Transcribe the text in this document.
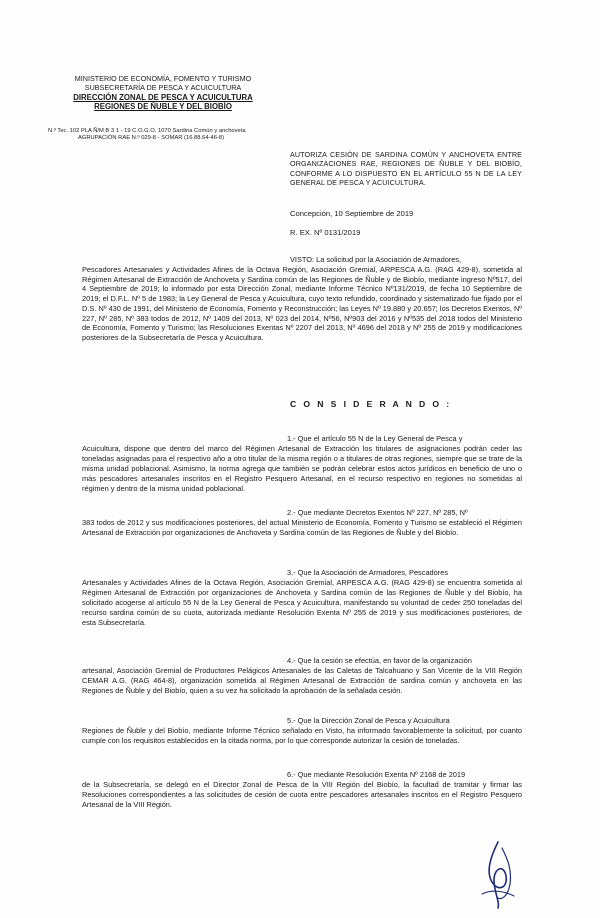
MINISTERIO DE ECONOMÍA, FOMENTO Y TURISMO
SUBSECRETARÍA DE PESCA Y ACUICULTURA
DIRECCIÓN ZONAL DE PESCA Y ACUICULTURA
REGIONES DE ÑUBLE Y DEL BIOBÍO
N.º Tec. 102 PLA Ñ/M B 3 1 - 19 C.O.G.O. 1070 Sardina Común y anchoveta
AGRUPACIÓN RAE N.º 029-8 - SOMAR (16.88.64-46-8)
AUTORIZA CESIÓN DE SARDINA COMÚN Y ANCHOVETA ENTRE ORGANIZACIONES RAE, REGIONES DE ÑUBLE Y DEL BIOBÍO, CONFORME A LO DISPUESTO EN EL ARTÍCULO 55 N DE LA LEY GENERAL DE PESCA Y ACUICULTURA.
Concepción, 10 Septiembre de 2019
R. EX. Nº 0131/2019
VISTO: La solicitud por la Asociación de Armadores,
Pescadores Artesanales y Actividades Afines de la Octava Región, Asociación Gremial, ARPESCA A.G. (RAG 429-8), sometida al Régimen Artesanal de Extracción de Anchoveta y Sardina común de las Regiones de Ñuble y de Biobío, mediante ingreso Nº517, del 4 Septiembre de 2019; lo informado por esta Dirección Zonal, mediante Informe Técnico Nº131/2019, de fecha 10 Septiembre de 2019; el D.F.L. Nº 5 de 1983; la Ley General de Pesca y Acuicultura, cuyo texto refundido, coordinado y sistematizado fue fijado por el D.S. Nº 430 de 1991, del Ministerio de Economía, Fomento y Reconstrucción; las Leyes Nº 19.880 y 20.657; los Decretos Exentos, Nº 227, Nº 285, Nº 383 todos de 2012, Nº 1409 del 2013, Nº 023 del 2014, Nº56, Nº903 del 2016 y Nº535 del 2018 todos del Ministerio de Economía, Fomento y Turismo; las Resoluciones Exentas Nº 2207 del 2013, Nº 4696 del 2018 y Nº 255 de 2019 y modificaciones posteriores de la Subsecretaría de Pesca y Acuicultura.
C O N S I D E R A N D O :
1.- Que el artículo 55 N de la Ley General de Pesca y
Acuicultura, dispone que dentro del marco del Régimen Artesanal de Extracción los titulares de asignaciones podrán ceder las toneladas asignadas para el respectivo año a otro titular de la misma región o a titulares de otras regiones, siempre que se trate de la misma unidad poblacional. Asimismo, la norma agrega que también se podrán celebrar estos actos jurídicos en beneficio de uno o más pescadores artesanales inscritos en el Registro Pesquero Artesanal, en el recurso respectivo en regiones no sometidas al régimen y dentro de la misma unidad poblacional.
2.- Que mediante Decretos Exentos Nº 227, Nº 285, Nº
383 todos de 2012 y sus modificaciones posteriores, del actual Ministerio de Economía, Fomento y Turismo se estableció el Régimen Artesanal de Extracción por organizaciones de Anchoveta y Sardina común de las Regiones de Ñuble y del Biobío.
3.- Que la Asociación de Armadores, Pescadores
Artesanales y Actividades Afines de la Octava Región, Asociación Gremial, ARPESCA A.G. (RAG 429-8) se encuentra sometida al Régimen Artesanal de Extracción por organizaciones de Anchoveta y Sardina común de las Regiones de Ñuble y del Biobío, ha solicitado acogerse al artículo 55 N de la Ley General de Pesca y Acuicultura, manifestando su voluntad de ceder 250 toneladas del recurso sardina común de su cuota, autorizada mediante Resolución Exenta Nº 255 de 2019 y sus modificaciones posteriores, de esta Subsecretaría.
4.- Que la cesión se efectúa, en favor de la organización
artesanal, Asociación Gremial de Productores Pelágicos Artesanales de las Caletas de Talcahuano y San Vicente de la VIII Región CEMAR A.G. (RAG 464-8), organización sometida al Régimen Artesanal de Extracción de sardina común y anchoveta en las Regiones de Ñuble y del Biobío, quien a su vez ha solicitado la aprobación de la señalada cesión.
5.- Que la Dirección Zonal de Pesca y Acuicultura
Regiones de Ñuble y del Biobío, mediante Informe Técnico señalado en Visto, ha informado favorablemente la solicitud, por cuanto cumple con los requisitos establecidos en la citada norma, por lo que corresponde autorizar la cesión de toneladas.
6.- Que mediante Resolución Exenta Nº 2168 de 2019
de la Subsecretaría, se delegó en el Director Zonal de Pesca de la VIII Región del Biobío, la facultad de tramitar y firmar las Resoluciones correspondientes a las solicitudes de cesión de cuota entre pescadores artesanales inscritos en el Registro Pesquero Artesanal de la VIII Región.
